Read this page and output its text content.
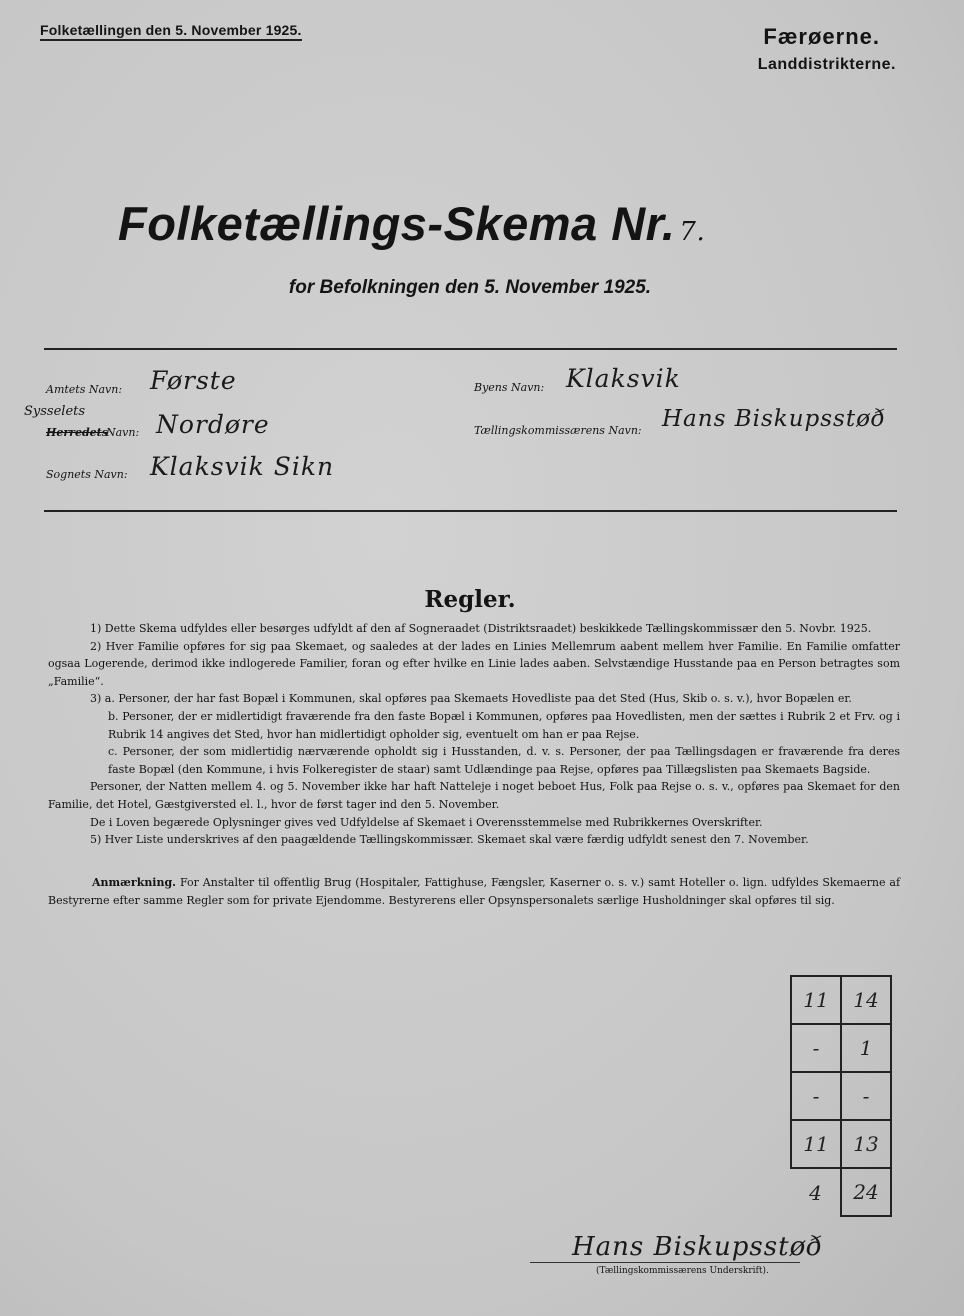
Folketællingen den 5. November 1925.	Færøerne.
Landdistrikterne.
Folketællings-Skema Nr. 7.
for Befolkningen den 5. November 1925.
Amtets Navn: Første
Sysselets
Herredets
Navn: Nordøre
Sognets Navn: Klaksvik Sikn
Byens Navn: Klaksvik
Tællingskommissærens Navn: Hans Biskupsstøð
Regler.

1) Dette Skema udfyldes eller besørges udfyldt af den af Sogneraadet (Distriktsraadet) beskikkede Tællingskommissær den 5. Novbr. 1925.

2) Hver Familie opføres for sig paa Skemaet, og saaledes at der lades en Linies Mellemrum aabent mellem hver Familie. En Familie omfatter ogsaa Logerende, derimod ikke indlogerede Familier, foran og efter hvilke en Linie lades aaben. Selvstændige Husstande paa en Person betragtes som „Familie“.

3) a. Personer, der har fast Bopæl i Kommunen, skal opføres paa Skemaets Hovedliste paa det Sted (Hus, Skib o. s. v.), hvor Bopælen er.

b. Personer, der er midlertidigt fraværende fra den faste Bopæl i Kommunen, opføres paa Hovedlisten, men der sættes i Rubrik 2 et Frv. og i Rubrik 14 angives det Sted, hvor han midlertidigt opholder sig, eventuelt om han er paa Rejse.

c. Personer, der som midlertidig nærværende opholdt sig i Husstanden, d. v. s. Personer, der paa Tællingsdagen er fraværende fra deres faste Bopæl (den Kommune, i hvis Folkeregister de staar) samt Udlændinge paa Rejse, opføres paa Tillægslisten paa Skemaets Bagside.

Personer, der Natten mellem 4. og 5. November ikke har haft Natteleje i noget beboet Hus, Folk paa Rejse o. s. v., opføres paa Skemaet for den Familie, det Hotel, Gæstgiversted el. l., hvor de først tager ind den 5. November.

De i Loven begærede Oplysninger gives ved Udfyldelse af Skemaet i Overensstemmelse med Rubrikkernes Overskrifter.

5) Hver Liste underskrives af den paagældende Tællingskommissær. Skemaet skal være færdig udfyldt senest den 7. November.

Anmærkning. For Anstalter til offentlig Brug (Hospitaler, Fattighuse, Fængsler, Kaserner o. s. v.) samt Hoteller o. lign. udfyldes Skemaerne af Bestyrerne efter samme Regler som for private Ejendomme. Bestyrerens eller Opsynspersonalets særlige Husholdninger skal opføres til sig.
11	14
-	1
-	-
11	13
4	24
Hans Biskupsstøð
(Tællingskommissærens Underskrift).
